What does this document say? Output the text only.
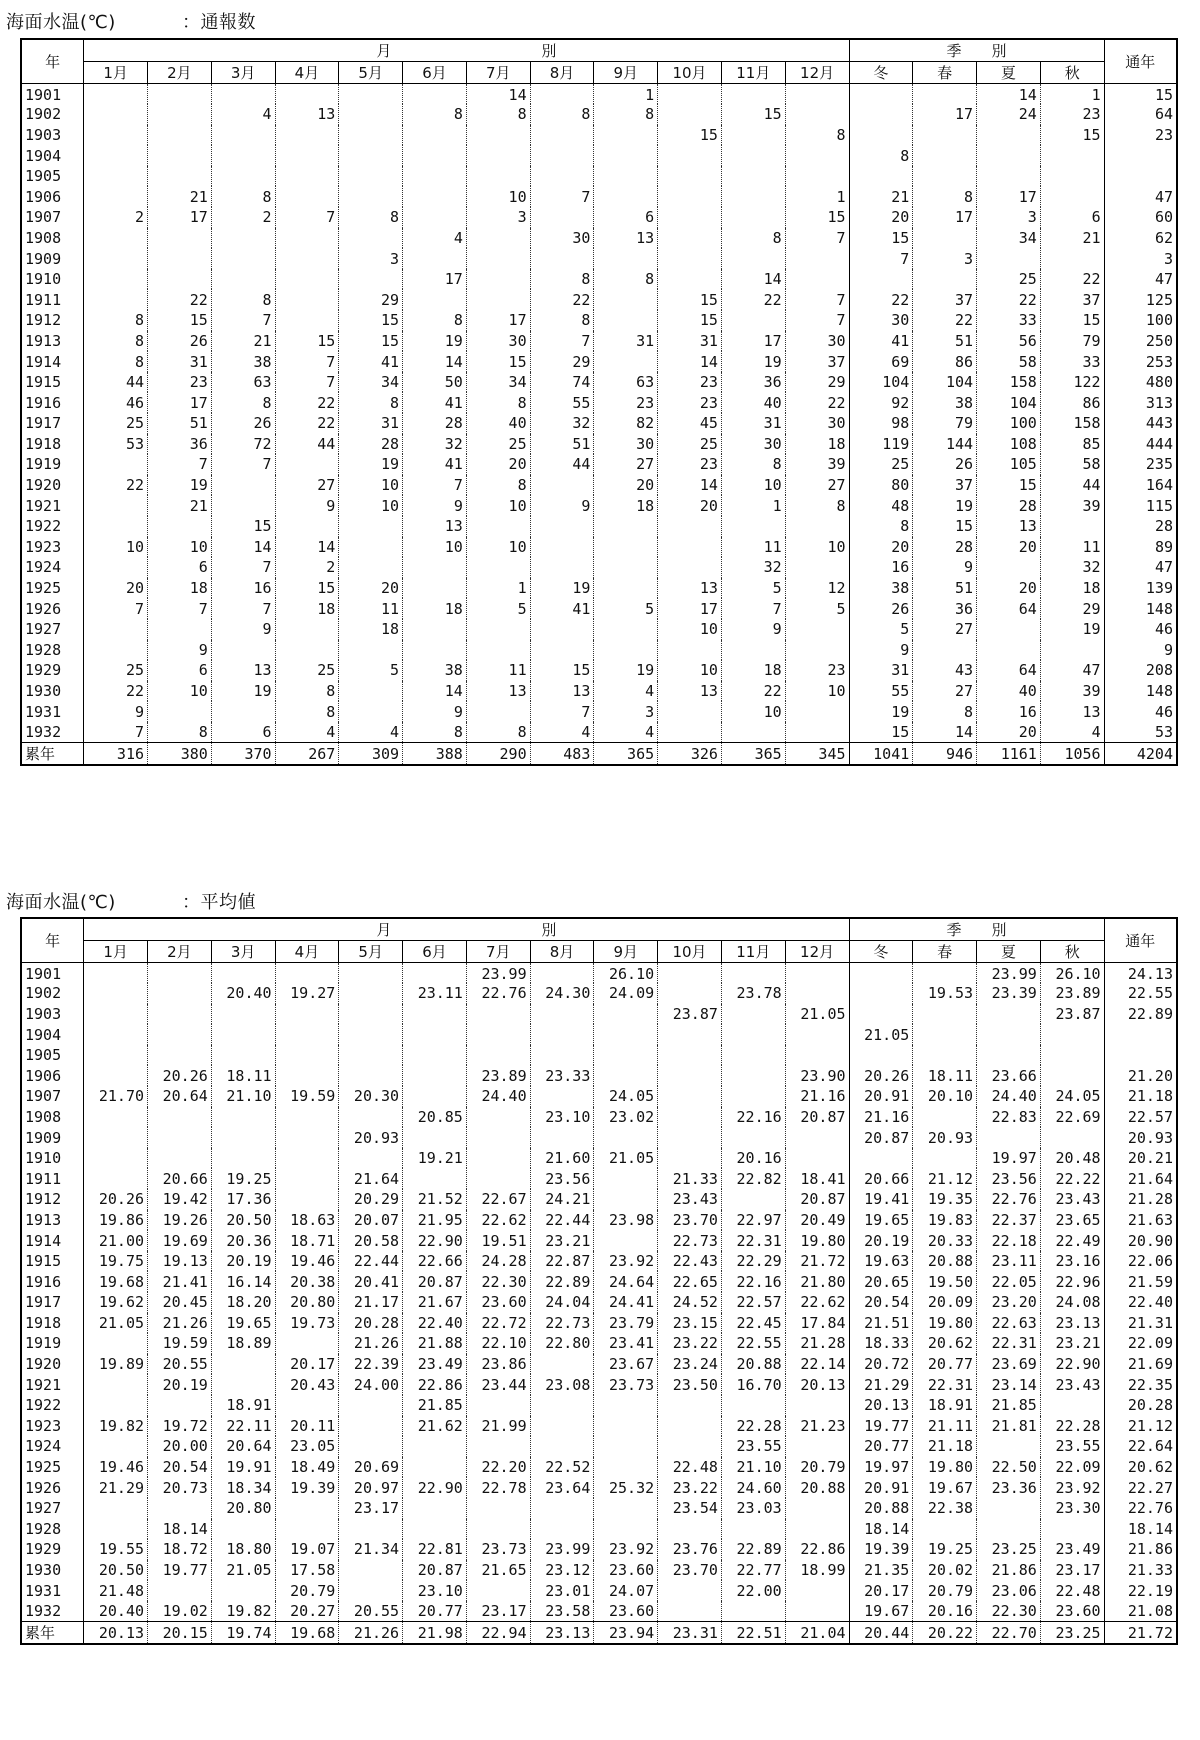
海面水温(℃)	：通報数
年	月　　　　　　　　　　別												季　　別				通年
	1月	2月	3月	4月	5月	6月	7月	8月	9月	10月	11月	12月	冬	春	夏	秋	
1901							14		1						14	1	15
1902			4	13		8	8	8	8		15			17	24	23	64
1903										15		8				15	23
1904													8				
1905																	
1906		21	8				10	7				1	21	8	17		47
1907	2	17	2	7	8		3		6			15	20	17	3	6	60
1908						4		30	13		8	7	15		34	21	62
1909					3								7	3			3
1910						17		8	8		14				25	22	47
1911		22	8		29			22		15	22	7	22	37	22	37	125
1912	8	15	7		15	8	17	8		15		7	30	22	33	15	100
1913	8	26	21	15	15	19	30	7	31	31	17	30	41	51	56	79	250
1914	8	31	38	7	41	14	15	29		14	19	37	69	86	58	33	253
1915	44	23	63	7	34	50	34	74	63	23	36	29	104	104	158	122	480
1916	46	17	8	22	8	41	8	55	23	23	40	22	92	38	104	86	313
1917	25	51	26	22	31	28	40	32	82	45	31	30	98	79	100	158	443
1918	53	36	72	44	28	32	25	51	30	25	30	18	119	144	108	85	444
1919		7	7		19	41	20	44	27	23	8	39	25	26	105	58	235
1920	22	19		27	10	7	8		20	14	10	27	80	37	15	44	164
1921		21		9	10	9	10	9	18	20	1	8	48	19	28	39	115
1922			15			13							8	15	13		28
1923	10	10	14	14		10	10				11	10	20	28	20	11	89
1924		6	7	2							32		16	9		32	47
1925	20	18	16	15	20		1	19		13	5	12	38	51	20	18	139
1926	7	7	7	18	11	18	5	41	5	17	7	5	26	36	64	29	148
1927			9		18					10	9		5	27		19	46
1928		9											9				9
1929	25	6	13	25	5	38	11	15	19	10	18	23	31	43	64	47	208
1930	22	10	19	8		14	13	13	4	13	22	10	55	27	40	39	148
1931	9			8		9		7	3		10		19	8	16	13	46
1932	7	8	6	4	4	8	8	4	4				15	14	20	4	53
累年	316	380	370	267	309	388	290	483	365	326	365	345	1041	946	1161	1056	4204
海面水温(℃)	：平均値
年	月　　　　　　　　　　別												季　　別				通年
	1月	2月	3月	4月	5月	6月	7月	8月	9月	10月	11月	12月	冬	春	夏	秋	
1901							23.99		26.10						23.99	26.10	24.13
1902			20.40	19.27		23.11	22.76	24.30	24.09		23.78			19.53	23.39	23.89	22.55
1903										23.87		21.05				23.87	22.89
1904													21.05				
1905																	
1906		20.26	18.11				23.89	23.33				23.90	20.26	18.11	23.66		21.20
1907	21.70	20.64	21.10	19.59	20.30		24.40		24.05			21.16	20.91	20.10	24.40	24.05	21.18
1908						20.85		23.10	23.02		22.16	20.87	21.16		22.83	22.69	22.57
1909					20.93								20.87	20.93			20.93
1910						19.21		21.60	21.05		20.16				19.97	20.48	20.21
1911		20.66	19.25		21.64			23.56		21.33	22.82	18.41	20.66	21.12	23.56	22.22	21.64
1912	20.26	19.42	17.36		20.29	21.52	22.67	24.21		23.43		20.87	19.41	19.35	22.76	23.43	21.28
1913	19.86	19.26	20.50	18.63	20.07	21.95	22.62	22.44	23.98	23.70	22.97	20.49	19.65	19.83	22.37	23.65	21.63
1914	21.00	19.69	20.36	18.71	20.58	22.90	19.51	23.21		22.73	22.31	19.80	20.19	20.33	22.18	22.49	20.90
1915	19.75	19.13	20.19	19.46	22.44	22.66	24.28	22.87	23.92	22.43	22.29	21.72	19.63	20.88	23.11	23.16	22.06
1916	19.68	21.41	16.14	20.38	20.41	20.87	22.30	22.89	24.64	22.65	22.16	21.80	20.65	19.50	22.05	22.96	21.59
1917	19.62	20.45	18.20	20.80	21.17	21.67	23.60	24.04	24.41	24.52	22.57	22.62	20.54	20.09	23.20	24.08	22.40
1918	21.05	21.26	19.65	19.73	20.28	22.40	22.72	22.73	23.79	23.15	22.45	17.84	21.51	19.80	22.63	23.13	21.31
1919		19.59	18.89		21.26	21.88	22.10	22.80	23.41	23.22	22.55	21.28	18.33	20.62	22.31	23.21	22.09
1920	19.89	20.55		20.17	22.39	23.49	23.86		23.67	23.24	20.88	22.14	20.72	20.77	23.69	22.90	21.69
1921		20.19		20.43	24.00	22.86	23.44	23.08	23.73	23.50	16.70	20.13	21.29	22.31	23.14	23.43	22.35
1922			18.91			21.85							20.13	18.91	21.85		20.28
1923	19.82	19.72	22.11	20.11		21.62	21.99				22.28	21.23	19.77	21.11	21.81	22.28	21.12
1924		20.00	20.64	23.05							23.55		20.77	21.18		23.55	22.64
1925	19.46	20.54	19.91	18.49	20.69		22.20	22.52		22.48	21.10	20.79	19.97	19.80	22.50	22.09	20.62
1926	21.29	20.73	18.34	19.39	20.97	22.90	22.78	23.64	25.32	23.22	24.60	20.88	20.91	19.67	23.36	23.92	22.27
1927			20.80		23.17					23.54	23.03		20.88	22.38		23.30	22.76
1928		18.14											18.14				18.14
1929	19.55	18.72	18.80	19.07	21.34	22.81	23.73	23.99	23.92	23.76	22.89	22.86	19.39	19.25	23.25	23.49	21.86
1930	20.50	19.77	21.05	17.58		20.87	21.65	23.12	23.60	23.70	22.77	18.99	21.35	20.02	21.86	23.17	21.33
1931	21.48			20.79		23.10		23.01	24.07		22.00		20.17	20.79	23.06	22.48	22.19
1932	20.40	19.02	19.82	20.27	20.55	20.77	23.17	23.58	23.60				19.67	20.16	22.30	23.60	21.08
累年	20.13	20.15	19.74	19.68	21.26	21.98	22.94	23.13	23.94	23.31	22.51	21.04	20.44	20.22	22.70	23.25	21.72
